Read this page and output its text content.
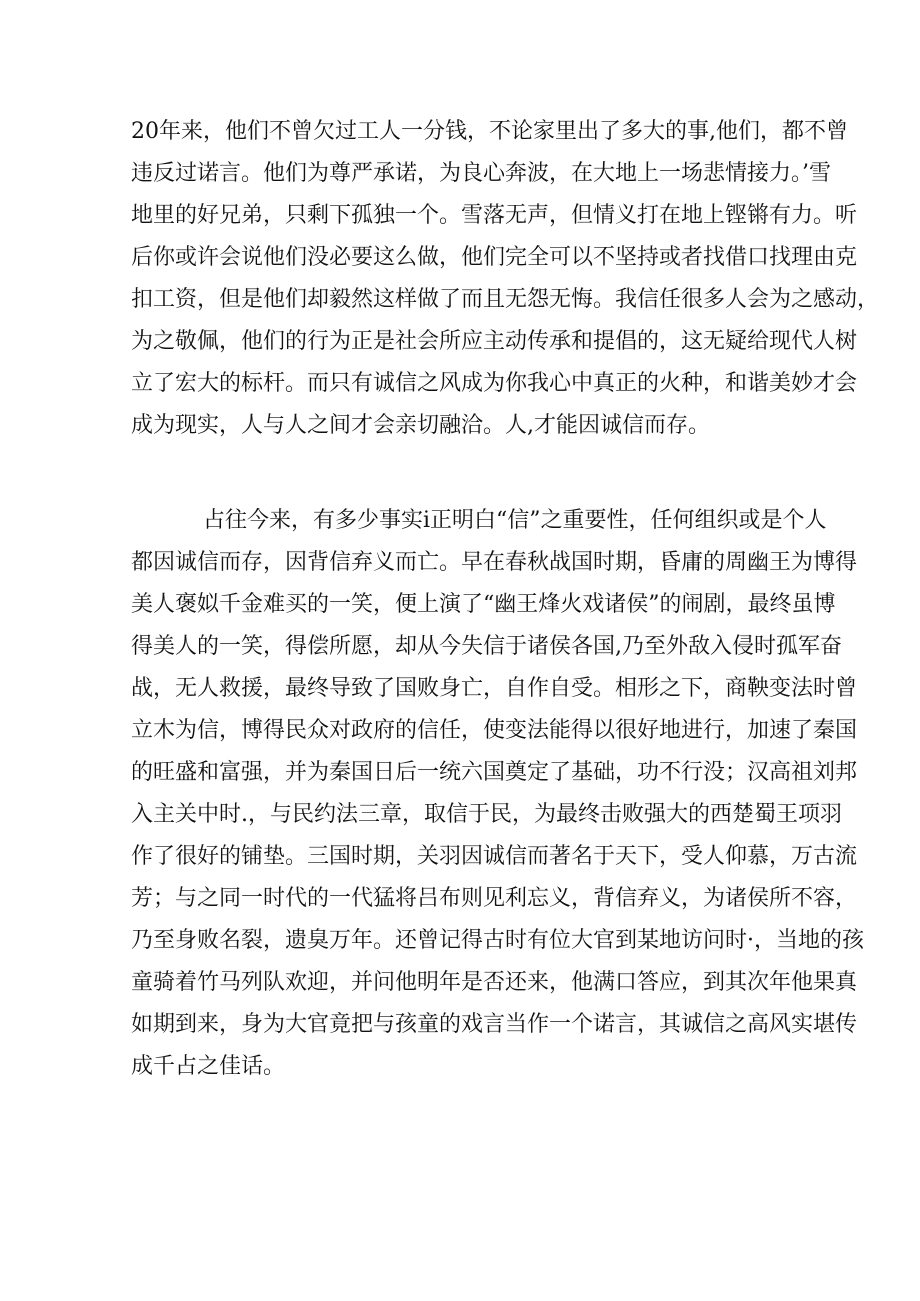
20年来，他们不曾欠过工人一分钱，不论家里出了多大的事,他们，都不曾
违反过诺言。他们为尊严承诺，为良心奔波，在大地上一场悲情接力。’雪
地里的好兄弟，只剩下孤独一个。雪落无声，但情义打在地上铿锵有力。听
后你或许会说他们没必要这么做，他们完全可以不坚持或者找借口找理由克
扣工资，但是他们却毅然这样做了而且无怨无悔。我信任很多人会为之感动，
为之敬佩，他们的行为正是社会所应主动传承和提倡的，这无疑给现代人树
立了宏大的标杆。而只有诚信之风成为你我心中真正的火种，和谐美妙才会
成为现实，人与人之间才会亲切融洽。人,才能因诚信而存。
占往今来，有多少事实i正明白“信”之重要性，任何组织或是个人
都因诚信而存，因背信弃义而亡。早在春秋战国时期，昏庸的周幽王为博得
美人褒姒千金难买的一笑，便上演了“幽王烽火戏诸侯”的闹剧，最终虽博
得美人的一笑，得偿所愿，却从今失信于诸侯各国,乃至外敌入侵时孤军奋
战，无人救援，最终导致了国败身亡，自作自受。相形之下，商鞅变法时曾
立木为信，博得民众对政府的信任，使变法能得以很好地进行，加速了秦国
的旺盛和富强，并为秦国日后一统六国奠定了基础，功不行没；汉高祖刘邦
入主关中时.，与民约法三章，取信于民，为最终击败强大的西楚蜀王项羽
作了很好的铺垫。三国时期，关羽因诚信而著名于天下，受人仰慕，万古流
芳；与之同一时代的一代猛将吕布则见利忘义，背信弃义，为诸侯所不容，
乃至身败名裂，遗臭万年。还曾记得古时有位大官到某地访问时·，当地的孩
童骑着竹马列队欢迎，并问他明年是否还来，他满口答应，到其次年他果真
如期到来，身为大官竟把与孩童的戏言当作一个诺言，其诚信之高风实堪传
成千占之佳话。
